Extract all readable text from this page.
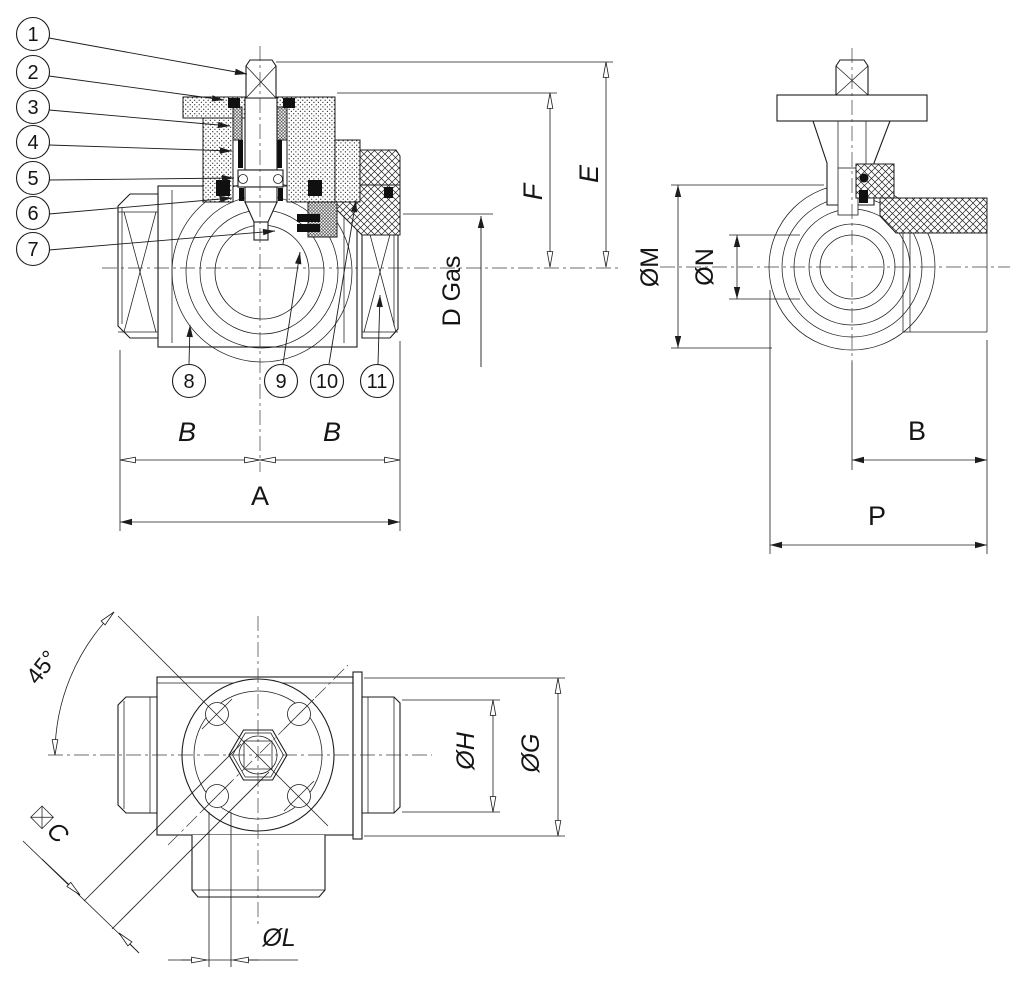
E
F
D Gas
B	B
A
ØM ØN
B
P
45°
C
ØL
ØH ØG
1
2
3
4
5
6
7
8	9 10 11
